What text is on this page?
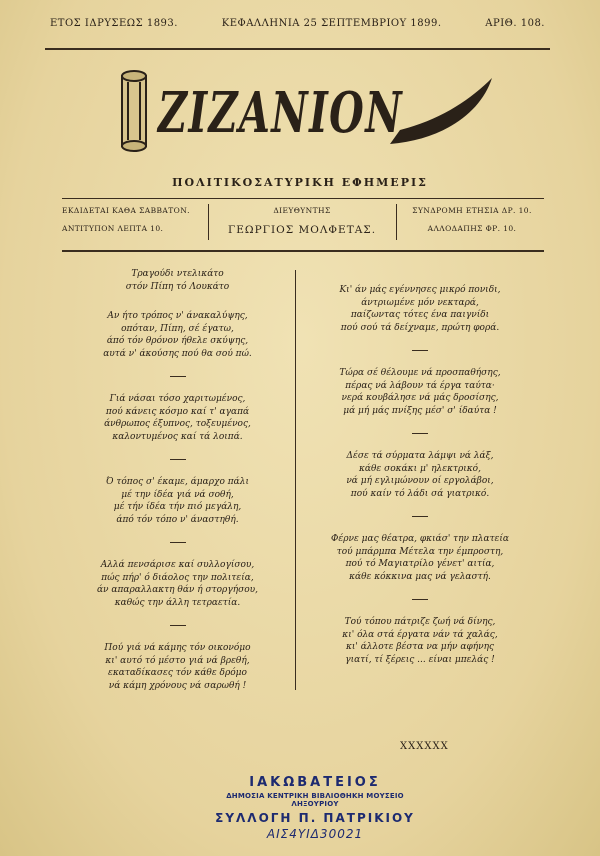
ΕΤΟΣ ΙΔΡΥΣΕΩΣ 1893.	ΚΕΦΑΛΛΗΝΙΑ 25 ΣΕΠΤΕΜΒΡΙΟΥ 1899.	ΑΡΙΘ. 108.
ΖΙΖΑΝΙΟΝ
ΠΟΛΙΤΙΚΟΣΑΤΥΡΙΚΗ ΕΦΗΜΕΡΙΣ
ΕΚΔΙΔΕΤΑΙ ΚΑΘΑ ΣΑΒΒΑΤΟΝ.
ΑΝΤΙΤΥΠΟΝ ΛΕΠΤΑ 10.
ΔΙΕΥΘΥΝΤΗΣ
ΓΕΩΡΓΙΟΣ ΜΟΛΦΕΤΑΣ.
ΣΥΝΔΡΟΜΗ ΕΤΗΣΙΑ ΔΡ. 10.
ΑΛΛΟΔΑΠΗΣ ΦΡ. 10.
Τραγούδι ντελικάτο
στόν Πίπη τό Λουκάτο
Αν ήτο τρόπος ν' άνακαλύψης,
οπόταν, Πίπη, σέ έγατω,
άπό τόν θρόνον ήθελε σκύψης,
αυτά ν' άκούσης πού θα σού πώ.
Γιά νάσαι τόσο χαριτωμένος,
πού κάνεις κόσμο καί τ' αγαπά
άνθρωπος έξυπνος, τοξευμένος,
καλοντυμένος καί τά λοιπά.
Ό τόπος σ' έκαμε, άμαρχο πάλι
μέ την ίδέα γιά νά σοθή,
μέ τήν ίδέα τήν πιό μεγάλη,
άπό τόν τόπο ν' άναστηθή.
Αλλά πενσάρισε καί συλλογίσου,
πώς πήρ' ό διάολος την πολιτεία,
άν απαραλλακτη θάν ή στοργήσου,
καθώς την άλλη τετραετία.
Πού γιά νά κάμης τόν οικονόμο
κι' αυτό τό μέστο γιά νά βρεθή,
εκαταδίκασες τόν κάθε δρόμο
νά κάμη χρόνους νά σαρωθή !
Κι' άν μάς εγέννησες μικρό πονιδι,
άντριωμένε μόν νεκταρά,
παίζωντας τότες ένα παιγνίδι
πού σού τά δείχναμε, πρώτη φορά.
Τώρα σέ θέλουμε νά προσπαθήσης,
πέρας νά λάβουν τά έργα ταύτα·
νερά κουβάλησε νά μάς δροσίσης,
μά μή μάς πνίξης μέσ' σ' ίδαύτα !
Δέσε τά σύρματα λάμψι νά λάξ,
κάθε σοκάκι μ' ηλεκτρικό,
νά μή εγλιμώνουν οί εργολάβοι,
πού καίν τό λάδι σά γιατρικό.
Φέρνε μας θέατρα, φκιάσ' την πλατεία
τού μπάρμπα Μέτελα την έμπροστη,
πού τό Μαγιατρίλο γένετ' αιτία,
κάθε κόκκινα μας νά γελαστή.
Τού τόπου πάτριζε ζωή νά δίνης,
κι' όλα στά έργατα νάν τά χαλάς,
κι' άλλοτε βέστα να μήν αφήνης
γιατί, τί ξέρεις ... είναι μπελάς !
XXXXXX
ΙΑΚΩΒΑΤΕΙΟΣ
ΔΗΜΟΣΙΑ ΚΕΝΤΡΙΚΗ ΒΙΒΛΙΟΘΗΚΗ ΜΟΥΣΕΙΟ ΛΗΞΟΥΡΙΟΥ
ΣΥΛΛΟΓΗ Π. ΠΑΤΡΙΚΙΟΥ
ΑΙΣ4ΥΙΔ30021
